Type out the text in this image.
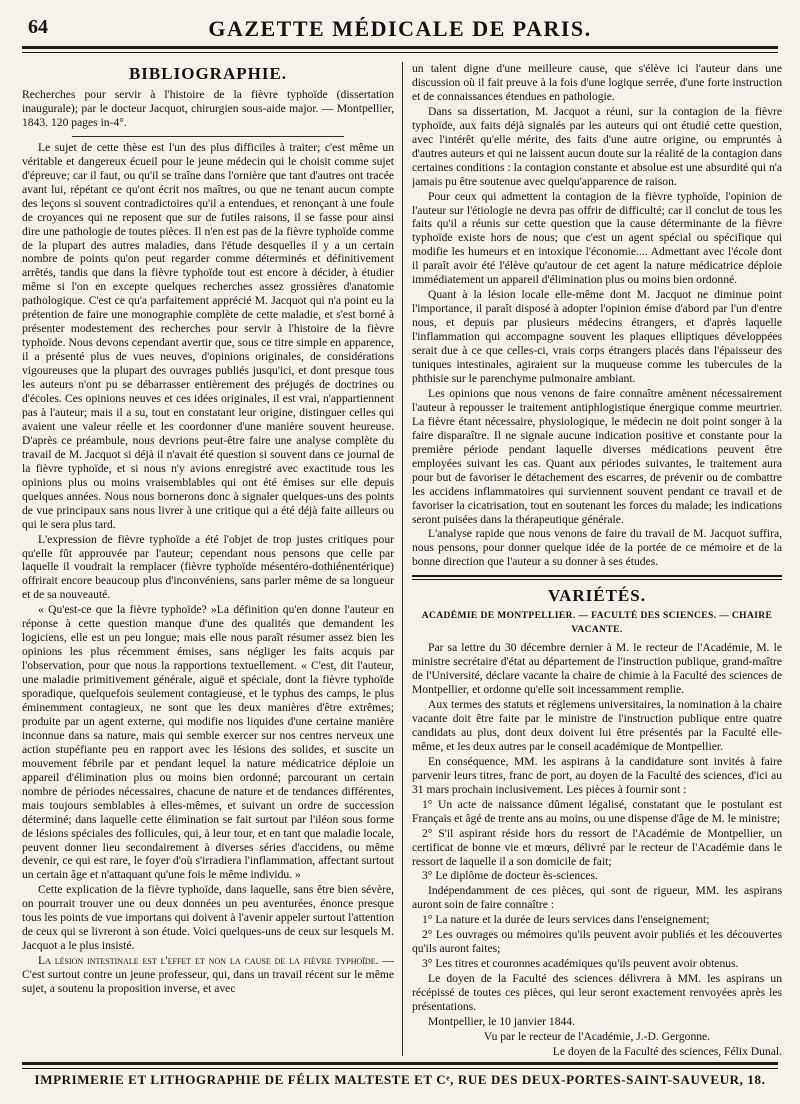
64	GAZETTE MÉDICALE DE PARIS.
BIBLIOGRAPHIE.

Recherches pour servir à l'histoire de la fièvre typhoïde (dissertation inaugurale); par le docteur Jacquot, chirurgien sous-aide major. — Montpellier, 1843. 120 pages in-4°.

Le sujet de cette thèse est l'un des plus difficiles à traiter; c'est même un véritable et dangereux écueil pour le jeune médecin qui le choisit comme sujet d'épreuve; car il faut, ou qu'il se traîne dans l'ornière que tant d'autres ont tracée avant lui, répétant ce qu'ont écrit nos maîtres, ou que ne tenant aucun compte des leçons si souvent contradictoires qu'il a entendues, et renonçant à une foule de croyances qui ne reposent que sur de futiles raisons, il se fasse pour ainsi dire une pathologie de toutes pièces. Il n'en est pas de la fièvre typhoïde comme de la plupart des autres maladies, dans l'étude desquelles il y a un certain nombre de points qu'on peut regarder comme déterminés et définitivement arrêtés, tandis que dans la fièvre typhoïde tout est encore à décider, à étudier même si l'on en excepte quelques recherches assez grossières d'anatomie pathologique. C'est ce qu'a parfaitement apprécié M. Jacquot qui n'a point eu la prétention de faire une monographie complète de cette maladie, et s'est borné à présenter modestement des recherches pour servir à l'histoire de la fièvre typhoïde. Nous devons cependant avertir que, sous ce titre simple en apparence, il a présenté plus de vues neuves, d'opinions originales, de considérations vigoureuses que la plupart des ouvrages publiés jusqu'ici, et dont presque tous les auteurs n'ont pu se débarrasser entièrement des préjugés de doctrines ou d'écoles. Ces opinions neuves et ces idées originales, il est vrai, n'appartiennent pas à l'auteur; mais il a su, tout en constatant leur origine, distinguer celles qui avaient une valeur réelle et les coordonner d'une manière souvent heureuse. D'après ce préambule, nous devrions peut-être faire une analyse complète du travail de M. Jacquot si déjà il n'avait été question si souvent dans ce journal de la fièvre typhoïde, et si nous n'y avions enregistré avec exactitude tous les opinions plus ou moins vraisemblables qui ont été émises sur elle depuis quelques années. Nous nous bornerons donc à signaler quelques-uns des points de vue principaux sans nous livrer à une critique qui a été déjà faite ailleurs ou qui le sera plus tard.

L'expression de fièvre typhoïde a été l'objet de trop justes critiques pour qu'elle fût approuvée par l'auteur; cependant nous pensons que celle par laquelle il voudrait la remplacer (fièvre typhoïde mésentéro-dothiénentérique) offrirait encore beaucoup plus d'inconvéniens, sans parler même de sa longueur et de sa nouveauté.

« Qu'est-ce que la fièvre typhoïde? »La définition qu'en donne l'auteur en réponse à cette question manque d'une des qualités que demandent les logiciens, elle est un peu longue; mais elle nous paraît résumer assez bien les opinions les plus récemment émises, sans négliger les faits acquis par l'observation, pour que nous la rapportions textuellement. « C'est, dit l'auteur, une maladie primitivement générale, aiguë et spéciale, dont la fièvre typhoïde sporadique, quelquefois seulement contagieuse, et le typhus des camps, le plus éminemment contagieux, ne sont que les deux manières d'être extrêmes; produite par un agent externe, qui modifie nos liquides d'une certaine manière inconnue dans sa nature, mais qui semble exercer sur nos centres nerveux une action stupéfiante peu en rapport avec les lésions des solides, et suscite un mouvement fébrile par et pendant lequel la nature médicatrice déploie un appareil d'élimination plus ou moins bien ordonné; parcourant un certain nombre de périodes nécessaires, chacune de nature et de tendances différentes, mais toujours semblables à elles-mêmes, et suivant un ordre de succession déterminé; dans laquelle cette élimination se fait surtout par l'iléon sous forme de lésions spéciales des follicules, qui, à leur tour, et en tant que maladie locale, peuvent donner lieu secondairement à diverses séries d'accidens, ou même devenir, ce qui est rare, le foyer d'où s'irradiera l'inflammation, affectant surtout un certain âge et n'attaquant qu'une fois le même individu. »

Cette explication de la fièvre typhoïde, dans laquelle, sans être bien sévère, on pourrait trouver une ou deux données un peu aventurées, énonce presque tous les points de vue importans qui doivent à l'avenir appeler surtout l'attention de ceux qui se livreront à son étude. Voici quelques-uns de ceux sur lesquels M. Jacquot a le plus insisté.

La lésion intestinale est l'effet et non la cause de la fièvre typhoïde. — C'est surtout contre un jeune professeur, qui, dans un travail récent sur le même sujet, a soutenu la proposition inverse, et avec

un talent digne d'une meilleure cause, que s'élève ici l'auteur dans une discussion où il fait preuve à la fois d'une logique serrée, d'une forte instruction et de connaissances étendues en pathologie.

Dans sa dissertation, M. Jacquot a réuni, sur la contagion de la fièvre typhoïde, aux faits déjà signalés par les auteurs qui ont étudié cette question, avec l'intérêt qu'elle mérite, des faits d'une autre origine, ou empruntés à d'autres auteurs et qui ne laissent aucun doute sur la réalité de la contagion dans certaines conditions : la contagion constante et absolue est une absurdité qui n'a jamais pu être soutenue avec quelqu'apparence de raison.

Pour ceux qui admettent la contagion de la fièvre typhoïde, l'opinion de l'auteur sur l'étiologie ne devra pas offrir de difficulté; car il conclut de tous les faits qu'il a réunis sur cette question que la cause déterminante de la fièvre typhoïde existe hors de nous; que c'est un agent spécial ou spécifique qui modifie les humeurs et en intoxique l'économie.... Admettant avec l'école dont il paraît avoir été l'élève qu'autour de cet agent la nature médicatrice déploie immédiatement un appareil d'élimination plus ou moins bien ordonné.

Quant à la lésion locale elle-même dont M. Jacquot ne diminue point l'importance, il paraît disposé à adopter l'opinion émise d'abord par l'un d'entre nous, et depuis par plusieurs médecins étrangers, et d'après laquelle l'inflammation qui accompagne souvent les plaques elliptiques développées serait due à ce que celles-ci, vrais corps étrangers placés dans l'épaisseur des tuniques intestinales, agiraient sur la muqueuse comme les tubercules de la phthisie sur le parenchyme pulmonaire ambiant.

Les opinions que nous venons de faire connaître amènent nécessairement l'auteur à repousser le traitement antiphlogistique énergique comme meurtrier. La fièvre étant nécessaire, physiologique, le médecin ne doit point songer à la faire disparaître. Il ne signale aucune indication positive et constante pour la première période pendant laquelle diverses médications peuvent être employées suivant les cas. Quant aux périodes suivantes, le traitement aura pour but de favoriser le détachement des escarres, de prévenir ou de combattre les accidens inflammatoires qui surviennent souvent pendant ce travail et de favoriser la cicatrisation, tout en soutenant les forces du malade; les indications seront puisées dans la thérapeutique générale.

L'analyse rapide que nous venons de faire du travail de M. Jacquot suffira, nous pensons, pour donner quelque idée de la portée de ce mémoire et de la bonne direction que l'auteur a su donner à ses études.

VARIÉTÉS.
ACADÉMIE DE MONTPELLIER. — FACULTÉ DES SCIENCES. — CHAIRE VACANTE.

Par sa lettre du 30 décembre dernier à M. le recteur de l'Académie, M. le ministre secrétaire d'état au département de l'instruction publique, grand-maître de l'Université, déclare vacante la chaire de chimie à la Faculté des sciences de Montpellier, et ordonne qu'elle soit incessamment remplie.

Aux termes des statuts et réglemens universitaires, la nomination à la chaire vacante doit être faite par le ministre de l'instruction publique entre quatre candidats au plus, dont deux doivent lui être présentés par la Faculté elle-même, et les deux autres par le conseil académique de Montpellier.

En conséquence, MM. les aspirans à la candidature sont invités à faire parvenir leurs titres, franc de port, au doyen de la Faculté des sciences, d'ici au 31 mars prochain inclusivement. Les pièces à fournir sont :

1° Un acte de naissance dûment légalisé, constatant que le postulant est Français et âgé de trente ans au moins, ou une dispense d'âge de M. le ministre;

2° S'il aspirant réside hors du ressort de l'Académie de Montpellier, un certificat de bonne vie et mœurs, délivré par le recteur de l'Académie dans le ressort de laquelle il a son domicile de fait;

3° Le diplôme de docteur ès-sciences.

Indépendamment de ces pièces, qui sont de rigueur, MM. les aspirans auront soin de faire connaître :

1° La nature et la durée de leurs services dans l'enseignement;

2° Les ouvrages ou mémoires qu'ils peuvent avoir publiés et les découvertes qu'ils auront faites;

3° Les titres et couronnes académiques qu'ils peuvent avoir obtenus.

Le doyen de la Faculté des sciences délivrera à MM. les aspirans un récépissé de toutes ces pièces, qui leur seront exactement renvoyées après les présentations.

Montpellier, le 10 janvier 1844.

Vu par le recteur de l'Académie, J.-D. Gergonne.

Le doyen de la Faculté des sciences, Félix Dunal.

IMPRIMERIE ET LITHOGRAPHIE DE FÉLIX MALTESTE ET Cᵉ, RUE DES DEUX-PORTES-SAINT-SAUVEUR, 18.
